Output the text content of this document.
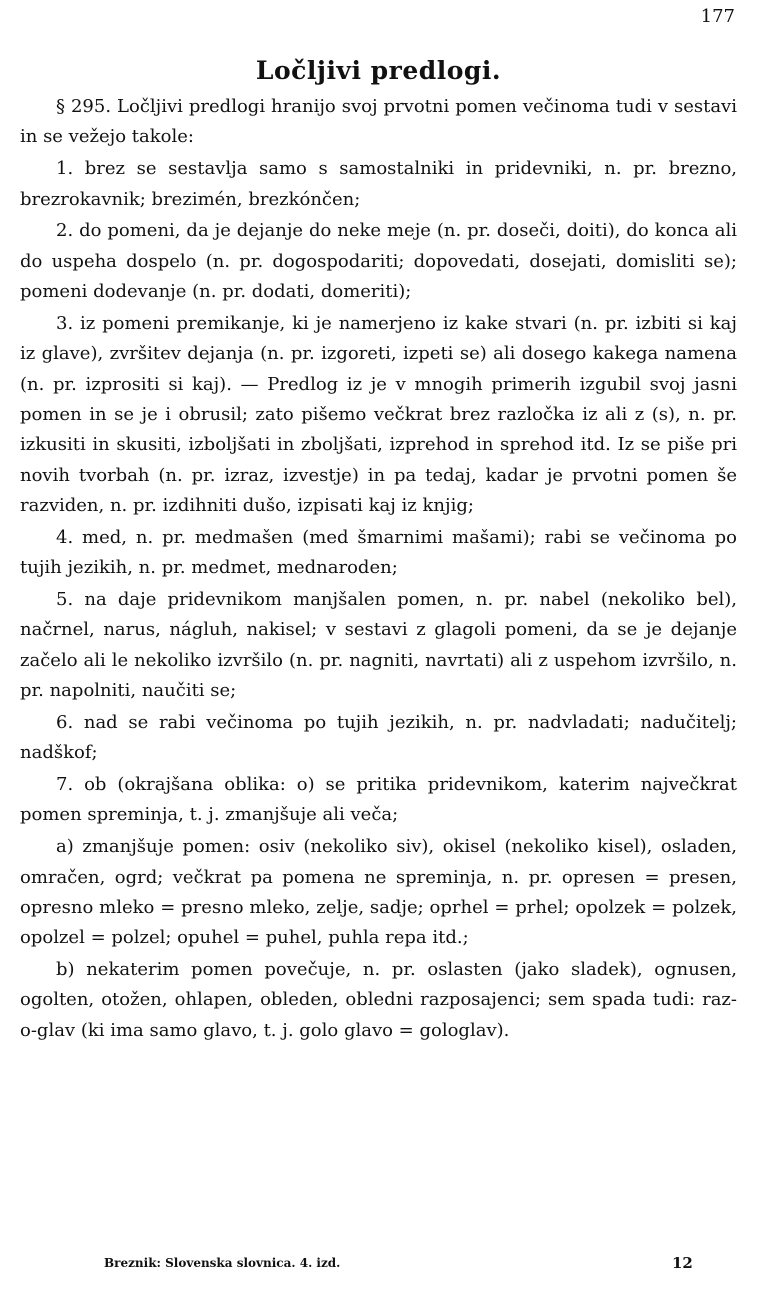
177
Ločljivi predlogi.

§ 295. Ločljivi predlogi hranijo svoj prvotni pomen večinoma tudi v sestavi in se vežejo takole:

1. brez se sestavlja samo s samostalniki in pridevniki, n. pr. brezno, brezrokavnik; brezimén, brezkónčen;

2. do pomeni, da je dejanje do neke meje (n. pr. doseči, doiti), do konca ali do uspeha dospelo (n. pr. dogospodariti; dopovedati, dosejati, domisliti se); pomeni dodevanje (n. pr. dodati, domeriti);

3. iz pomeni premikanje, ki je namerjeno iz kake stvari (n. pr. izbiti si kaj iz glave), zvršitev dejanja (n. pr. izgoreti, izpeti se) ali dosego kakega namena (n. pr. izprositi si kaj). — Predlog iz je v mnogih primerih izgubil svoj jasni pomen in se je i obrusil; zato pišemo večkrat brez razločka iz ali z (s), n. pr. izkusiti in skusiti, izboljšati in zboljšati, izprehod in sprehod itd. Iz se piše pri novih tvorbah (n. pr. izraz, izvestje) in pa tedaj, kadar je prvotni pomen še razviden, n. pr. izdihniti dušo, izpisati kaj iz knjig;

4. med, n. pr. medmašen (med šmarnimi mašami); rabi se večinoma po tujih jezikih, n. pr. medmet, mednaroden;

5. na daje pridevnikom manjšalen pomen, n. pr. nabel (nekoliko bel), načrnel, narus, nágluh, nakisel; v sestavi z glagoli pomeni, da se je dejanje začelo ali le nekoliko izvršilo (n. pr. nagniti, navrtati) ali z uspehom izvršilo, n. pr. napolniti, naučiti se;

6. nad se rabi večinoma po tujih jezikih, n. pr. nadvladati; nadučitelj; nadškof;

7. ob (okrajšana oblika: o) se pritika pridevnikom, katerim največkrat pomen spreminja, t. j. zmanjšuje ali veča;

a) zmanjšuje pomen: osiv (nekoliko siv), okisel (nekoliko kisel), osladen, omračen, ogrd; večkrat pa pomena ne spreminja, n. pr. opresen = presen, opresno mleko = presno mleko, zelje, sadje; oprhel = prhel; opolzek = polzek, opolzel = polzel; opuhel = puhel, puhla repa itd.;

b) nekaterim pomen povečuje, n. pr. oslasten (jako sladek), ognusen, ogolten, otožen, ohlapen, obleden, obledni razposajenci; sem spada tudi: raz-o-glav (ki ima samo glavo, t. j. golo glavo = gologlav).

Breznik: Slovenska slovnica. 4. izd.	12
